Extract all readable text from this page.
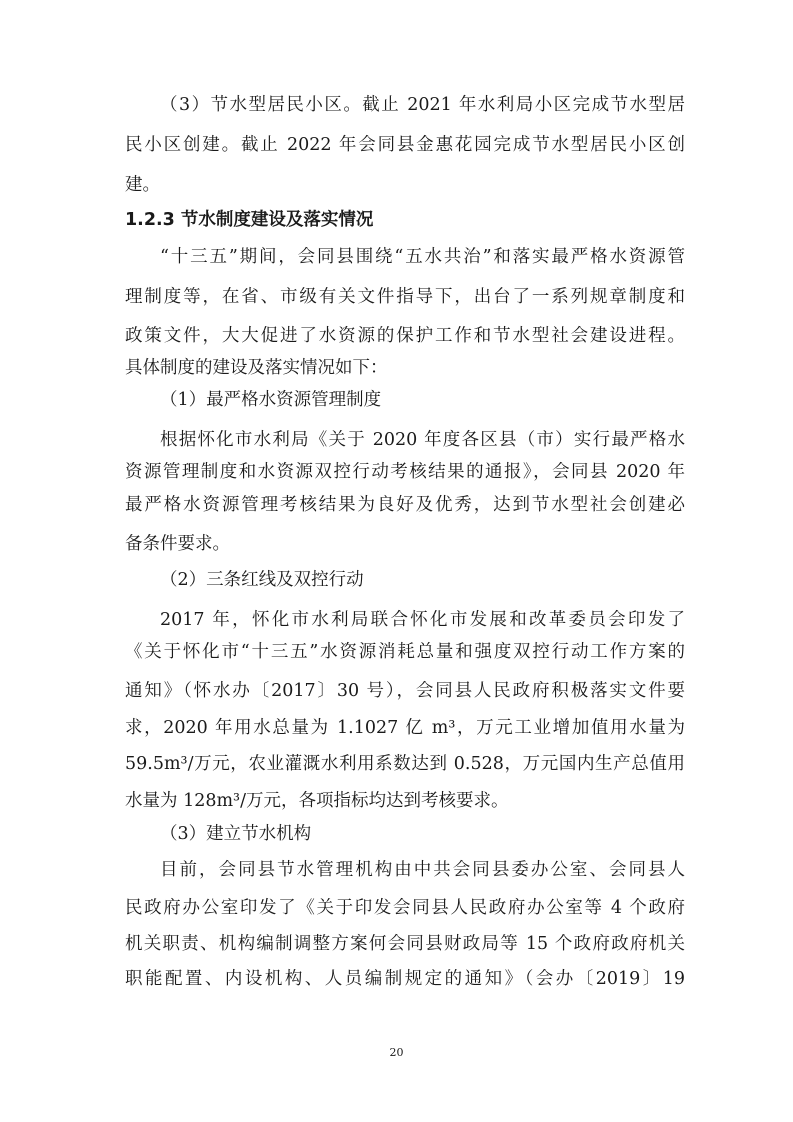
（3）节水型居民小区。截止 2021 年水利局小区完成节水型居
民小区创建。截止 2022 年会同县金惠花园完成节水型居民小区创
建。
1.2.3 节水制度建设及落实情况
“十三五”期间，会同县围绕“五水共治”和落实最严格水资源管
理制度等，在省、市级有关文件指导下，出台了一系列规章制度和
政策文件，大大促进了水资源的保护工作和节水型社会建设进程。
具体制度的建设及落实情况如下：
（1）最严格水资源管理制度
根据怀化市水利局《关于 2020 年度各区县（市）实行最严格水
资源管理制度和水资源双控行动考核结果的通报》，会同县 2020 年
最严格水资源管理考核结果为良好及优秀，达到节水型社会创建必
备条件要求。
（2）三条红线及双控行动
2017 年，怀化市水利局联合怀化市发展和改革委员会印发了
《关于怀化市“十三五”水资源消耗总量和强度双控行动工作方案的
通知》（怀水办〔2017〕30 号），会同县人民政府积极落实文件要
求，2020 年用水总量为 1.1027 亿 m³，万元工业增加值用水量为
59.5m³/万元，农业灌溉水利用系数达到 0.528，万元国内生产总值用
水量为 128m³/万元，各项指标均达到考核要求。
（3）建立节水机构
目前，会同县节水管理机构由中共会同县委办公室、会同县人
民政府办公室印发了《关于印发会同县人民政府办公室等 4 个政府
机关职责、机构编制调整方案何会同县财政局等 15 个政府政府机关
职能配置、内设机构、人员编制规定的通知》（会办〔2019〕19
20
